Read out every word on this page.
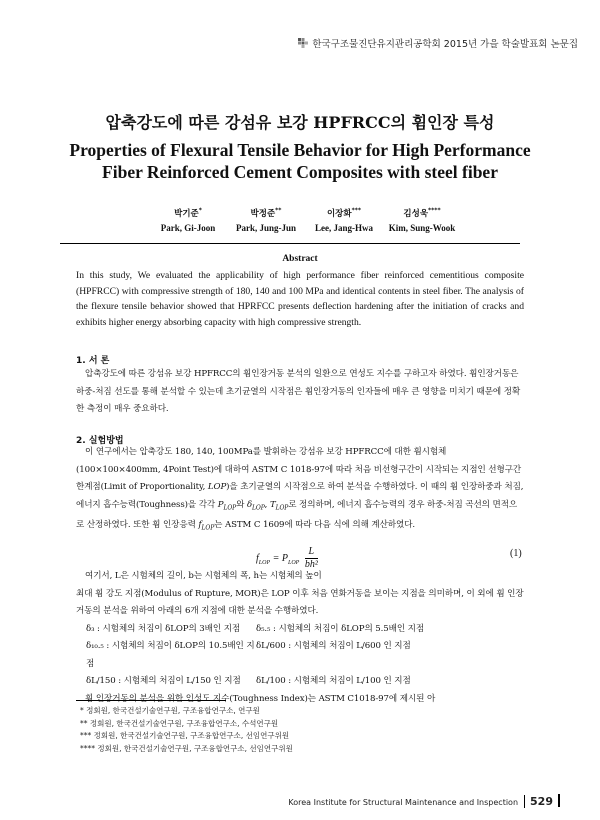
한국구조물진단유지관리공학회 2015년 가을 학술발표회 논문집
압축강도에 따른 강섬유 보강 HPFRCC의 휨인장 특성
Properties of Flexural Tensile Behavior for High Performance
Fiber Reinforced Cement Composites with steel fiber
박기준*
Park, Gi-Joon
박정준**
Park, Jung-Jun
이장화***
Lee, Jang-Hwa
김성욱****
Kim, Sung-Wook
Abstract
In this study, We evaluated the applicability of high performance fiber reinforced cementitious composite (HPFRCC) with compressive strength of 180, 140 and 100 MPa and identical contents in steel fiber. The analysis of the flexure tensile behavior showed that HPRFCC presents deflection hardening after the initiation of cracks and exhibits higher energy absorbing capacity with high compressive strength.
1. 서 론

압축강도에 따른 강섬유 보강 HPFRCC의 휨인장거동 분석의 일환으로 연성도 지수를 구하고자 하였다. 휨인장거동은 하중-처짐 선도를 통해 분석할 수 있는데 초기균열의 시작점은 휨인장거동의 인자들에 매우 큰 영향을 미치기 때문에 정확한 측정이 매우 중요하다.

2. 실험방법

이 연구에서는 압축강도 180, 140, 100MPa를 발휘하는 강섬유 보강 HPFRCC에 대한 휨시험체(100×100×400mm, 4Point Test)에 대하여 ASTM C 1018-97에 따라 처음 비선형구간이 시작되는 지점인 선형구간 한계점(Limit of Proportionality, LOP)을 초기균열의 시작점으로 하여 분석을 수행하였다. 이 때의 휨 인장하중과 처짐, 에너지 흡수능력(Toughness)을 각각 $P_{LOP}$와 $\delta_{LOP}$, $T_{LOP}$로 정의하며, 에너지 흡수능력의 경우 하중-처짐 곡선의 면적으로 산정하였다. 또한 휨 인장응력 $f_{LOP}$는 ASTM C 1609에 따라 다음 식에 의해 계산하였다.

$f_{LOP} = P_{LOP} \frac{L}{\text{bh²}}$	(1)

여기서, L은 시험체의 길이, b는 시험체의 폭, h는 시험체의 높이

최대 휨 강도 지점(Modulus of Rupture, MOR)은 LOP 이후 처음 연화거동을 보이는 지점을 의미하며, 이 외에 휨 인장거동의 분석을 위하여 아래의 6개 지점에 대한 분석을 수행하였다.

δ₃ : 시험체의 처짐이 δLOP의 3배인 지점	δ₅.₅ : 시험체의 처짐이 δLOP의 5.5배인 지점
δ₁₀.₅ : 시험체의 처짐이 δLOP의 10.5배인 지점
δL/600 : 시험체의 처짐이 L/600 인 지점
δL/150 : 시험체의 처짐이 L/150 인 지점	δL/100 : 시험체의 처짐이 L/100 인 지점

휨 인장거동의 분석을 위한 인성도 지수(Toughness Index)는 ASTM C1018-97에 제시된 아

* 정회원, 한국건설기술연구원, 구조융합연구소, 연구원
** 정회원, 한국건설기술연구원, 구조융합연구소, 수석연구원
*** 정회원, 한국건설기술연구원, 구조융합연구소, 선임연구위원
**** 정회원, 한국건설기술연구원, 구조융합연구소, 선임연구위원
Korea Institute for Structural Maintenance and Inspection 529
